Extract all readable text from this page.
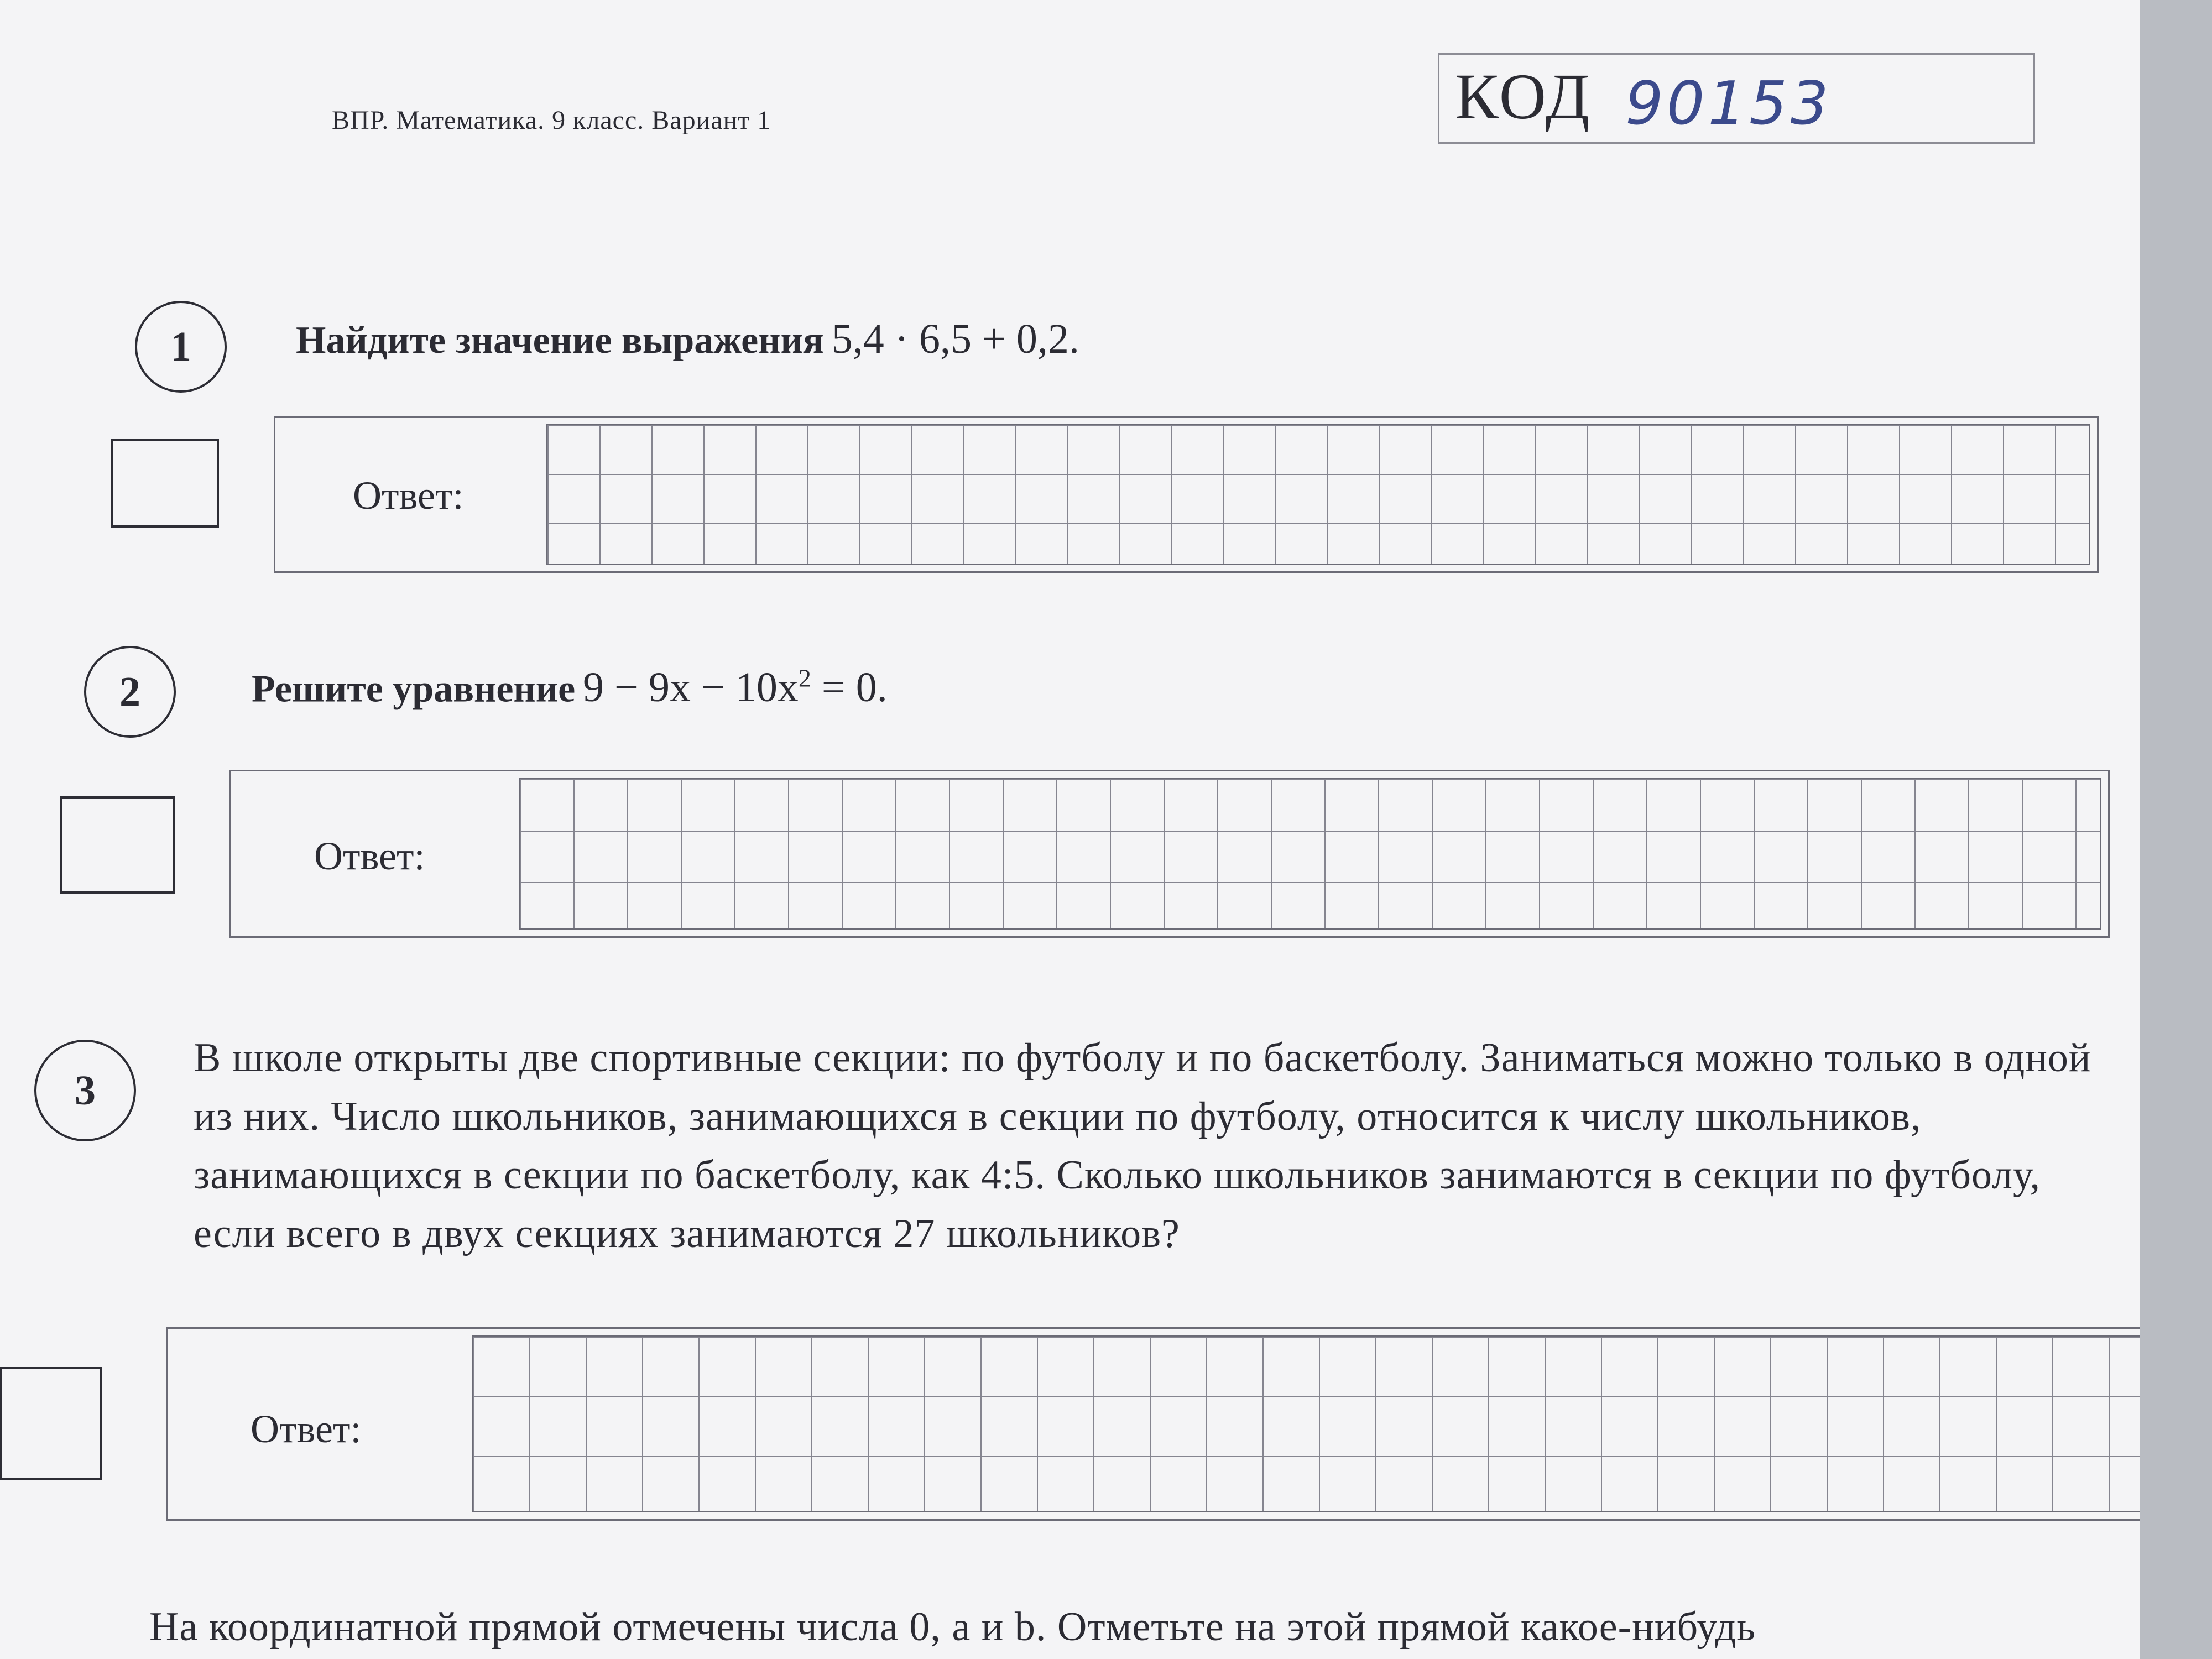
ВПР. Математика. 9 класс. Вариант 1	КОД 90153
1	Найдите значение выражения 5,4 · 6,5 + 0,2.
Ответ:
2	Решите уравнение $9 - 9x - 10x^2 = 0$.
Ответ:
3
В школе открыты две спортивные секции: по футболу и по баскетболу. Заниматься можно только в одной из них. Число школьников, занимающихся в секции по футболу, относится к числу школьников, занимающихся в секции по баскетболу, как 4:5. Сколько школьников занимаются в секции по футболу, если всего в двух секциях занимаются 27 школьников?
Ответ:
На координатной прямой отмечены числа 0, a и b. Отметьте на этой прямой какое-нибудь
